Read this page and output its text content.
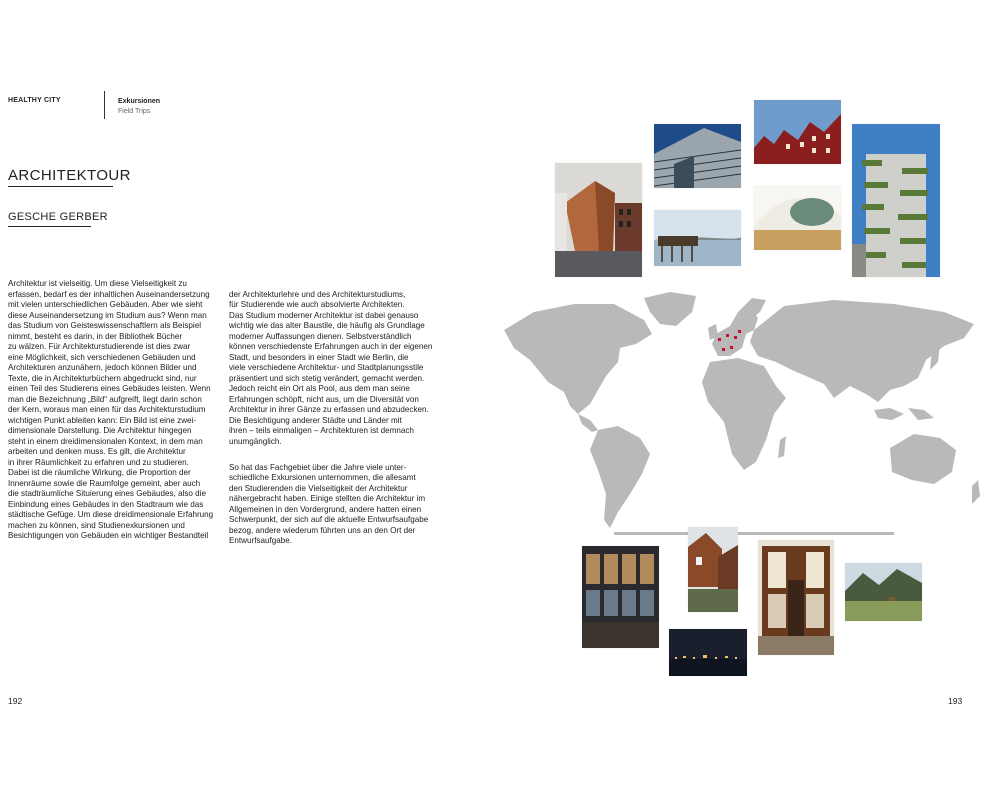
HEALTHY CITY	Exkursionen
Field Trips
ARCHITEKTOUR
GESCHE GERBER
Architektur ist vielseitig. Um diese Vielseitigkeit zu
erfassen, bedarf es der inhaltlichen Auseinandersetzung
mit vielen unterschiedlichen Gebäuden. Aber wie sieht
diese Auseinandersetzung im Studium aus? Wenn man
das Studium von Geisteswissenschaftlern als Beispiel
nimmt, besteht es darin, in der Bibliothek Bücher
zu wälzen. Für Architekturstudierende ist dies zwar
eine Möglichkeit, sich verschiedenen Gebäuden und
Architekturen anzunähern, jedoch können Bilder und
Texte, die in Architekturbüchern abgedruckt sind, nur
einen Teil des Studierens eines Gebäudes leisten. Wenn
man die Bezeichnung „Bild“ aufgreift, liegt darin schon
der Kern, woraus man einen für das Architekturstudium
wichtigen Punkt ableiten kann: Ein Bild ist eine zwei-
dimensionale Darstellung. Die Architektur hingegen
steht in einem dreidimensionalen Kontext, in dem man
arbeiten und denken muss. Es gilt, die Architektur
in ihrer Räumlichkeit zu erfahren und zu studieren.
Dabei ist die räumliche Wirkung, die Proportion der
Innenräume sowie die Raumfolge gemeint, aber auch
die stadträumliche Situierung eines Gebäudes, also die
Einbindung eines Gebäudes in den Stadtraum wie das
städtische Gefüge. Um diese dreidimensionale Erfahrung
machen zu können, sind Studienexkursionen und
Besichtigungen von Gebäuden ein wichtiger Bestandteil

der Architekturlehre und des Architekturstudiums,
für Studierende wie auch absolvierte Architekten.
Das Studium moderner Architektur ist dabei genauso
wichtig wie das alter Baustile, die häufig als Grundlage
moderner Auffassungen dienen. Selbstverständlich
können verschiedenste Erfahrungen auch in der eigenen
Stadt, und besonders in einer Stadt wie Berlin, die
viele verschiedene Architektur- und Stadtplanungsstile
präsentiert und sich stetig verändert, gemacht werden.
Jedoch reicht ein Ort als Pool, aus dem man seine
Erfahrungen schöpft, nicht aus, um die Diversität von
Architektur in ihrer Gänze zu erfassen und abzudecken.
Die Besichtigung anderer Städte und Länder mit
ihren – teils einmaligen – Architekturen ist demnach
unumgänglich.

So hat das Fachgebiet über die Jahre viele unter-
schiedliche Exkursionen unternommen, die allesamt
den Studierenden die Vielseitigkeit der Architektur
nähergebracht haben. Einige stellten die Architektur im
Allgemeinen in den Vordergrund, andere hatten einen
Schwerpunkt, der sich auf die aktuelle Entwurfsaufgabe
bezog, andere wiederum führten uns an den Ort der
Entwurfsaufgabe.

192	193
